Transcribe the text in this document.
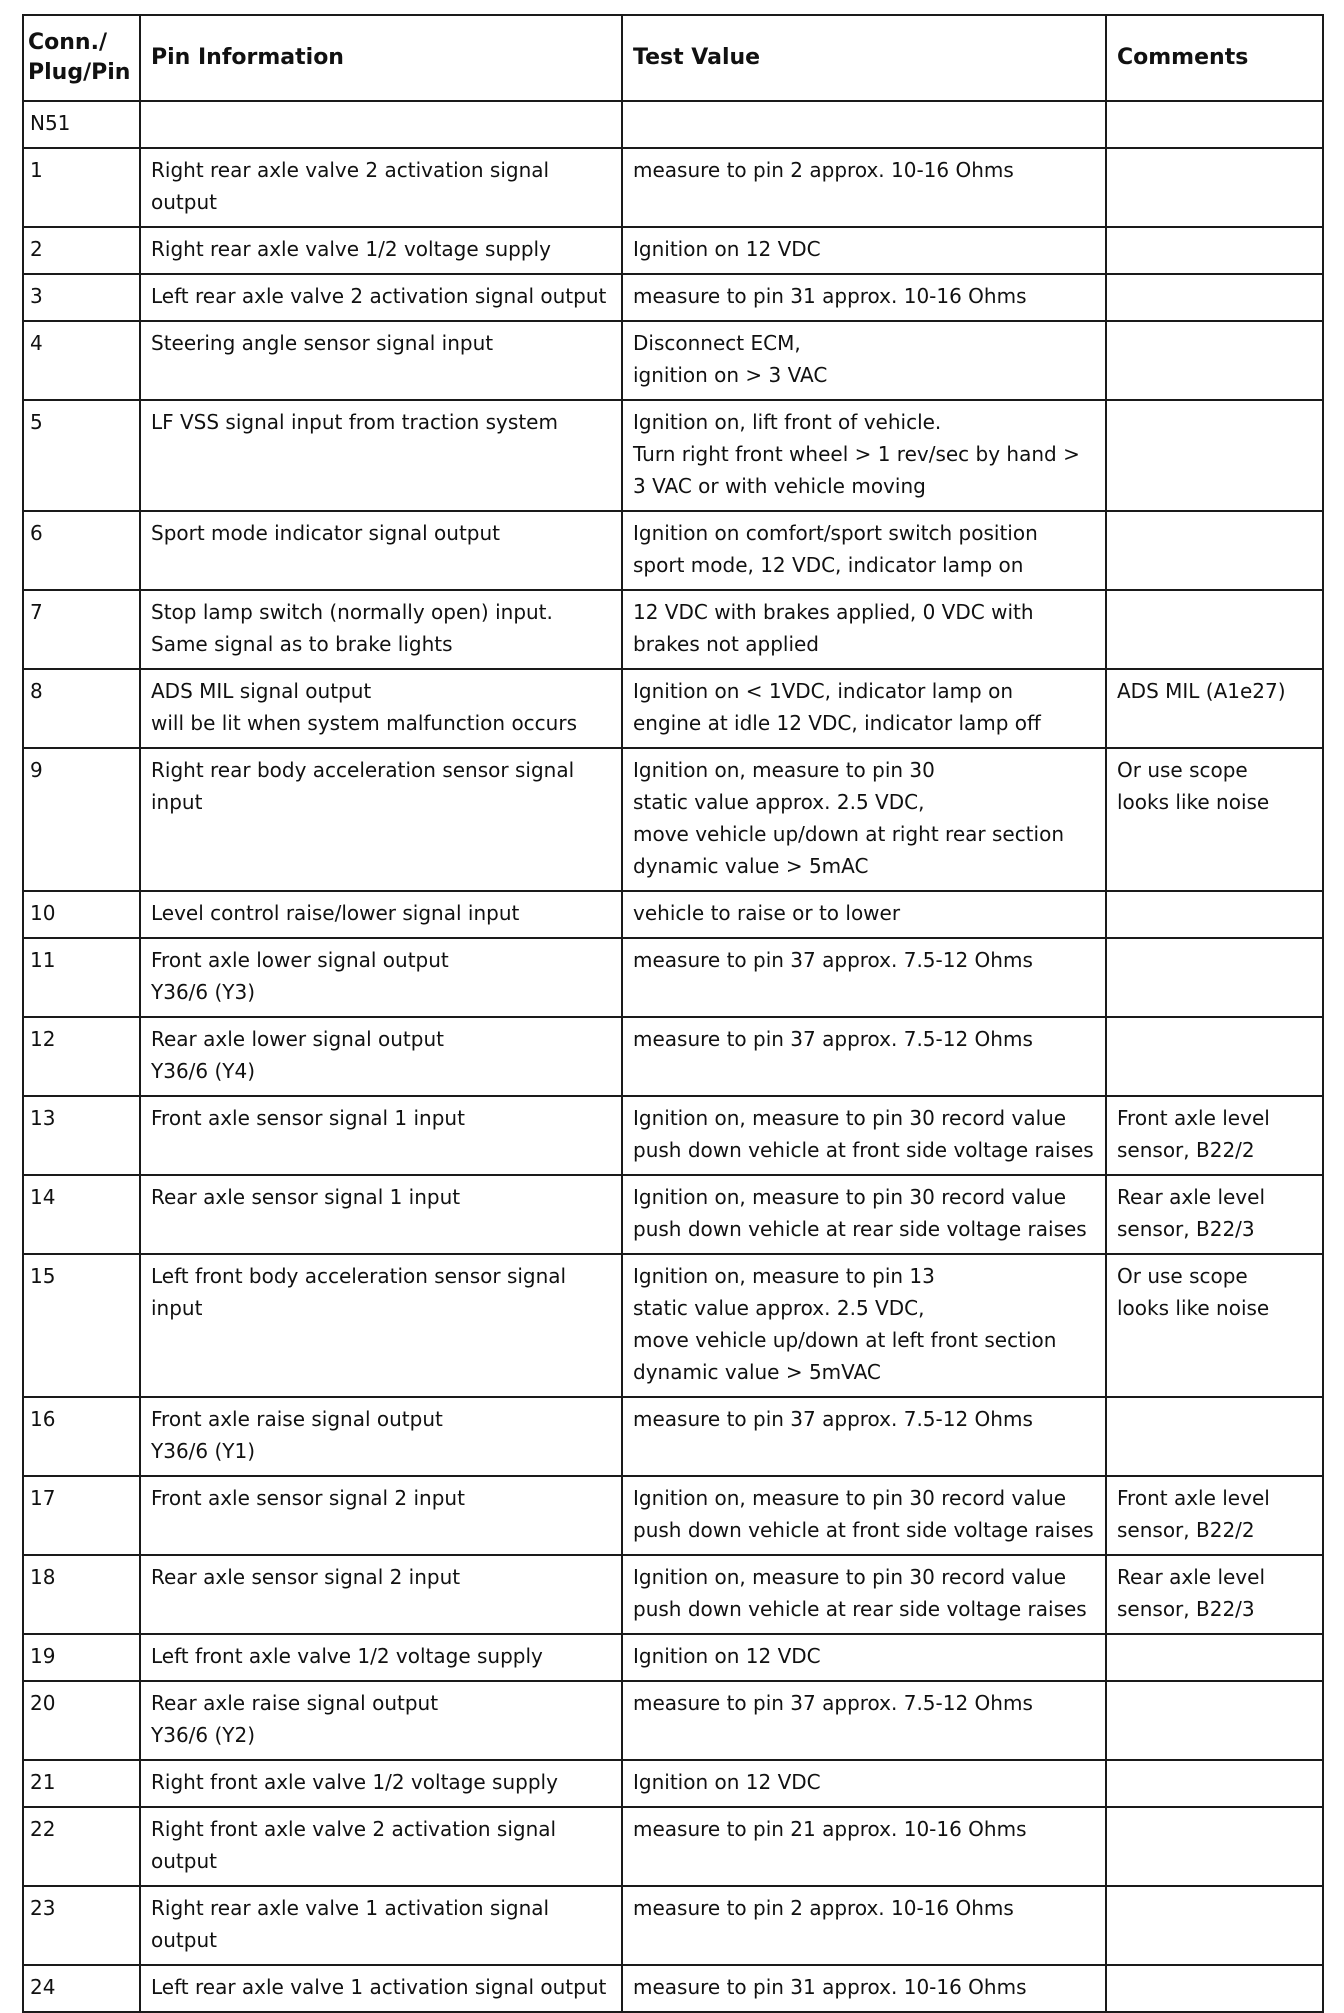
Conn./
Plug/Pin	Pin Information	Test Value	Comments
N51			
1	Right rear axle valve 2 activation signal output	measure to pin 2 approx. 10-16 Ohms	
2	Right rear axle valve 1/2 voltage supply	Ignition on 12 VDC	
3	Left rear axle valve 2 activation signal output	measure to pin 31 approx. 10-16 Ohms	
4	Steering angle sensor signal input	Disconnect ECM,
ignition on > 3 VAC	
5	LF VSS signal input from traction system	Ignition on, lift front of vehicle.
Turn right front wheel > 1 rev/sec by hand >
3 VAC or with vehicle moving	
6	Sport mode indicator signal output	Ignition on comfort/sport switch position
sport mode, 12 VDC, indicator lamp on	
7	Stop lamp switch (normally open) input.
Same signal as to brake lights	12 VDC with brakes applied, 0 VDC with
brakes not applied	
8	ADS MIL signal output
will be lit when system malfunction occurs	Ignition on < 1VDC, indicator lamp on
engine at idle 12 VDC, indicator lamp off	ADS MIL (A1e27)
9	Right rear body acceleration sensor signal
input	Ignition on, measure to pin 30
static value approx. 2.5 VDC,
move vehicle up/down at right rear section
dynamic value > 5mAC	Or use scope
looks like noise
10	Level control raise/lower signal input	vehicle to raise or to lower	
11	Front axle lower signal output
Y36/6 (Y3)	measure to pin 37 approx. 7.5-12 Ohms	
12	Rear axle lower signal output
Y36/6 (Y4)	measure to pin 37 approx. 7.5-12 Ohms	
13	Front axle sensor signal 1 input	Ignition on, measure to pin 30 record value
push down vehicle at front side voltage raises	Front axle level
sensor, B22/2
14	Rear axle sensor signal 1 input	Ignition on, measure to pin 30 record value
push down vehicle at rear side voltage raises	Rear axle level
sensor, B22/3
15	Left front body acceleration sensor signal
input	Ignition on, measure to pin 13
static value approx. 2.5 VDC,
move vehicle up/down at left front section
dynamic value > 5mVAC	Or use scope
looks like noise
16	Front axle raise signal output
Y36/6 (Y1)	measure to pin 37 approx. 7.5-12 Ohms	
17	Front axle sensor signal 2 input	Ignition on, measure to pin 30 record value
push down vehicle at front side voltage raises	Front axle level
sensor, B22/2
18	Rear axle sensor signal 2 input	Ignition on, measure to pin 30 record value
push down vehicle at rear side voltage raises	Rear axle level
sensor, B22/3
19	Left front axle valve 1/2 voltage supply	Ignition on 12 VDC	
20	Rear axle raise signal output
Y36/6 (Y2)	measure to pin 37 approx. 7.5-12 Ohms	
21	Right front axle valve 1/2 voltage supply	Ignition on 12 VDC	
22	Right front axle valve 2 activation signal
output	measure to pin 21 approx. 10-16 Ohms	
23	Right rear axle valve 1 activation signal output	measure to pin 2 approx. 10-16 Ohms	
24	Left rear axle valve 1 activation signal output	measure to pin 31 approx. 10-16 Ohms	
